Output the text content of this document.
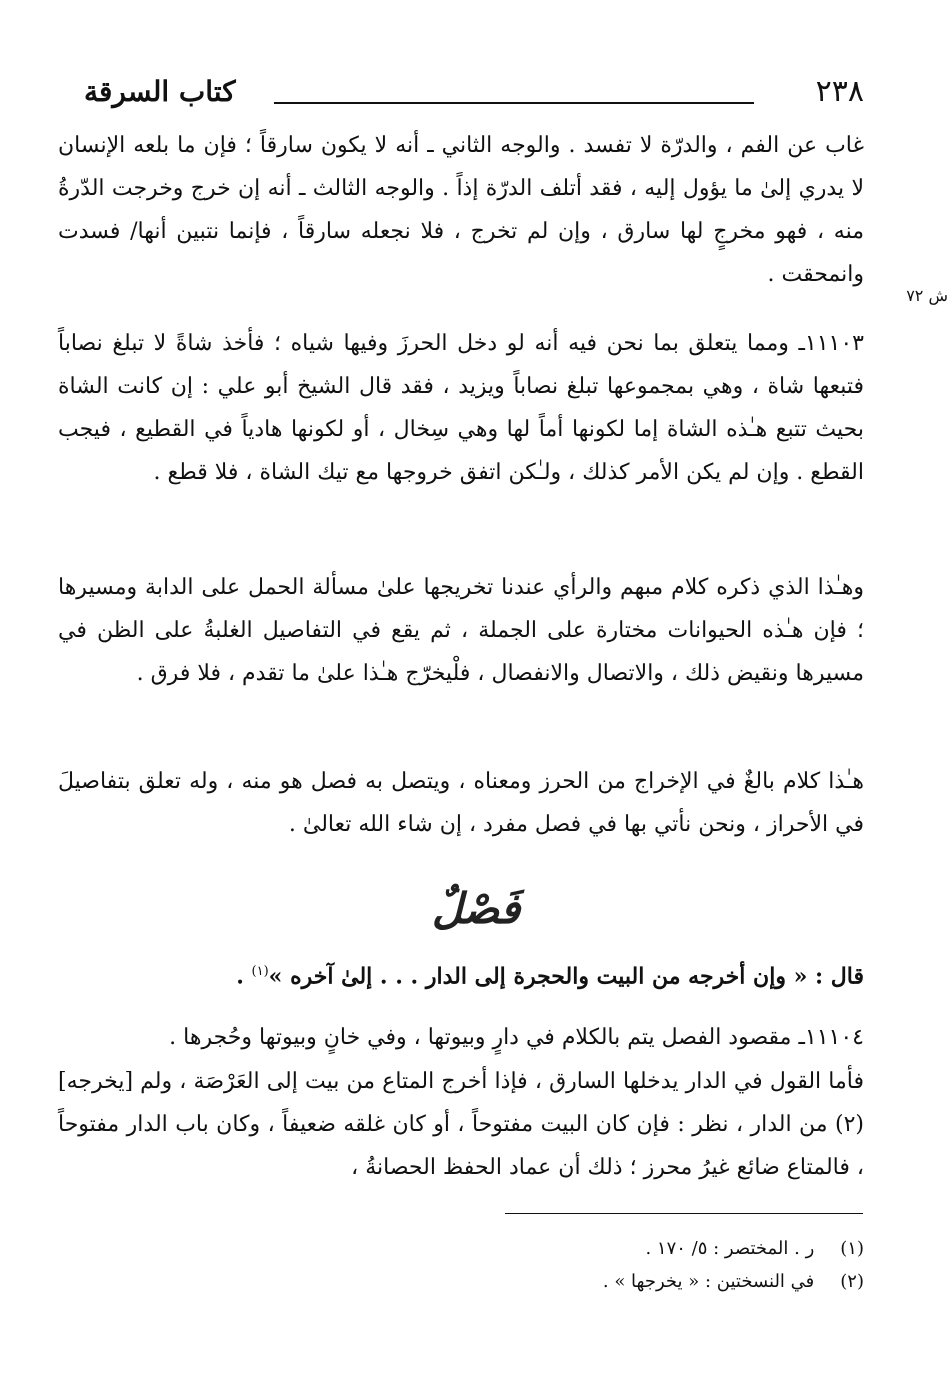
٢٣٨
كتاب السرقة
ش ٧٢

غاب عن الفم ، والدرّة لا تفسد . والوجه الثاني ـ أنه لا يكون سارقاً ؛ فإن ما بلعه الإنسان لا يدري إلىٰ ما يؤول إليه ، فقد أتلف الدرّة إذاً . والوجه الثالث ـ أنه إن خرج وخرجت الدّرةُ منه ، فهو مخرجٍ لها سارق ، وإن لم تخرج ، فلا نجعله سارقاً ، فإنما نتبين أنها/ فسدت وانمحقت .

١١١٠٣ـ ومما يتعلق بما نحن فيه أنه لو دخل الحرزَ وفيها شياه ؛ فأخذ شاةً لا تبلغ نصاباً فتبعها شاة ، وهي بمجموعها تبلغ نصاباً ويزيد ، فقد قال الشيخ أبو علي : إن كانت الشاة بحيث تتبع هـٰذه الشاة إما لكونها أماً لها وهي سِخال ، أو لكونها هادياً في القطيع ، فيجب القطع . وإن لم يكن الأمر كذلك ، ولـٰكن اتفق خروجها مع تيك الشاة ، فلا قطع .

وهـٰذا الذي ذكره كلام مبهم والرأي عندنا تخريجها علىٰ مسألة الحمل على الدابة ومسيرها ؛ فإن هـٰذه الحيوانات مختارة على الجملة ، ثم يقع في التفاصيل الغلبةُ على الظن في مسيرها ونقيض ذلك ، والاتصال والانفصال ، فلْيخرّج هـٰذا علىٰ ما تقدم ، فلا فرق .

هـٰذا كلام بالغٌ في الإخراج من الحرز ومعناه ، ويتصل به فصل هو منه ، وله تعلق بتفاصيلَ في الأحراز ، ونحن نأتي بها في فصل مفرد ، إن شاء الله تعالىٰ .

فَصْلٌ
قال : « وإن أخرجه من البيت والحجرة إلى الدار . . . إلىٰ آخره »$^{(١)}$ .

١١١٠٤ـ مقصود الفصل يتم بالكلام في دارٍ وبيوتها ، وفي خانٍ وبيوتها وحُجرها .

فأما القول في الدار يدخلها السارق ، فإذا أخرج المتاع من بيت إلى العَرْصَة ، ولم [يخرجه](٢) من الدار ، نظر : فإن كان البيت مفتوحاً ، أو كان غلقه ضعيفاً ، وكان باب الدار مفتوحاً ، فالمتاع ضائع غيرُ محرز ؛ ذلك أن عماد الحفظ الحصانةُ ،

(١) ر . المختصر : ٥/ ١٧٠ .
(٢) في النسختين : « يخرجها » .
